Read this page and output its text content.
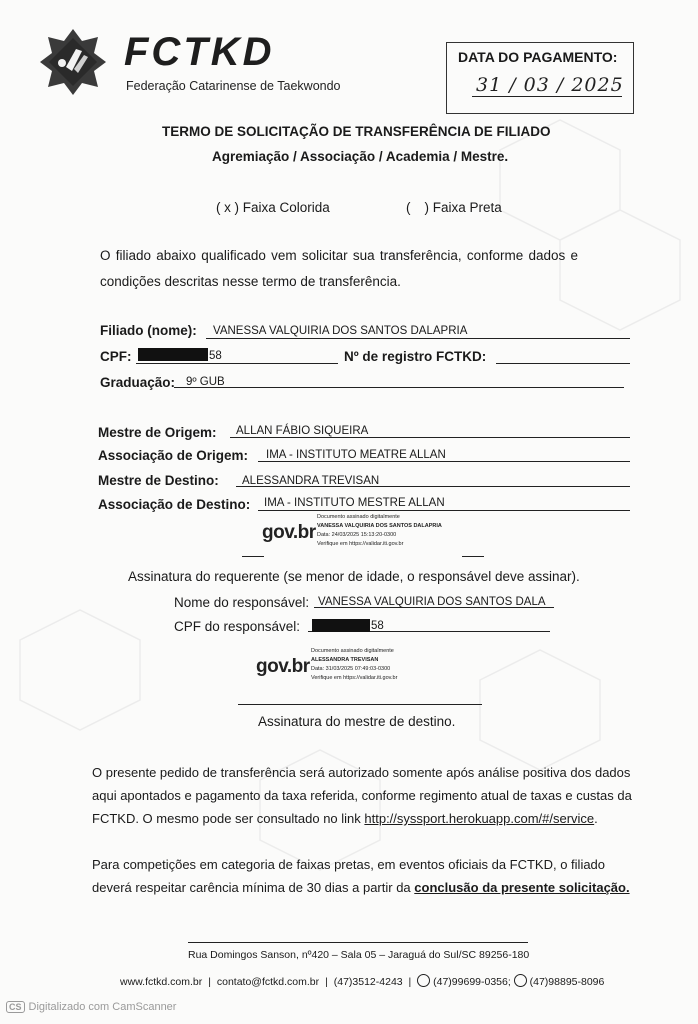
FCTKD
Federação Catarinense de Taekwondo
DATA DO PAGAMENTO:
31 / 03 / 2025
TERMO DE SOLICITAÇÃO DE TRANSFERÊNCIA DE FILIADO
Agremiação / Associação / Academia / Mestre.
( x ) Faixa Colorida	( ) Faixa Preta
O filiado abaixo qualificado vem solicitar sua transferência, conforme dados e
condições descritas nesse termo de transferência.
Filiado (nome): VANESSA VALQUIRIA DOS SANTOS DALAPRIA
CPF:	58	Nº de registro FCTKD:
Graduação: 9º GUB
Mestre de Origem: ALLAN FÁBIO SIQUEIRA
Associação de Origem: IMA - INSTITUTO MEATRE ALLAN
Mestre de Destino: ALESSANDRA TREVISAN
Associação de Destino: IMA - INSTITUTO MESTRE ALLAN
gov.br
Documento assinado digitalmente
VANESSA VALQUIRIA DOS SANTOS DALAPRIA
Data: 24/03/2025 15:13:20-0300
Verifique em https://validar.iti.gov.br
Assinatura do requerente (se menor de idade, o responsável deve assinar).
Nome do responsável: VANESSA VALQUIRIA DOS SANTOS DALA
CPF do responsável:	58
gov.br
Documento assinado digitalmente
ALESSANDRA TREVISAN
Data: 31/03/2025 07:49:03-0300
Verifique em https://validar.iti.gov.br
Assinatura do mestre de destino.
O presente pedido de transferência será autorizado somente após análise positiva dos dados
aqui apontados e pagamento da taxa referida, conforme regimento atual de taxas e custas da
FCTKD. O mesmo pode ser consultado no link http://syssport.herokuapp.com/#/service.
Para competições em categoria de faixas pretas, em eventos oficiais da FCTKD, o filiado
deverá respeitar carência mínima de 30 dias a partir da conclusão da presente solicitação.
Rua Domingos Sanson, nº420 – Sala 05 – Jaraguá do Sul/SC 89256-180
www.fctkd.com.br | contato@fctkd.com.br | (47)3512-4243 | (47)99699-0356; (47)98895-8096
CS Digitalizado com CamScanner
